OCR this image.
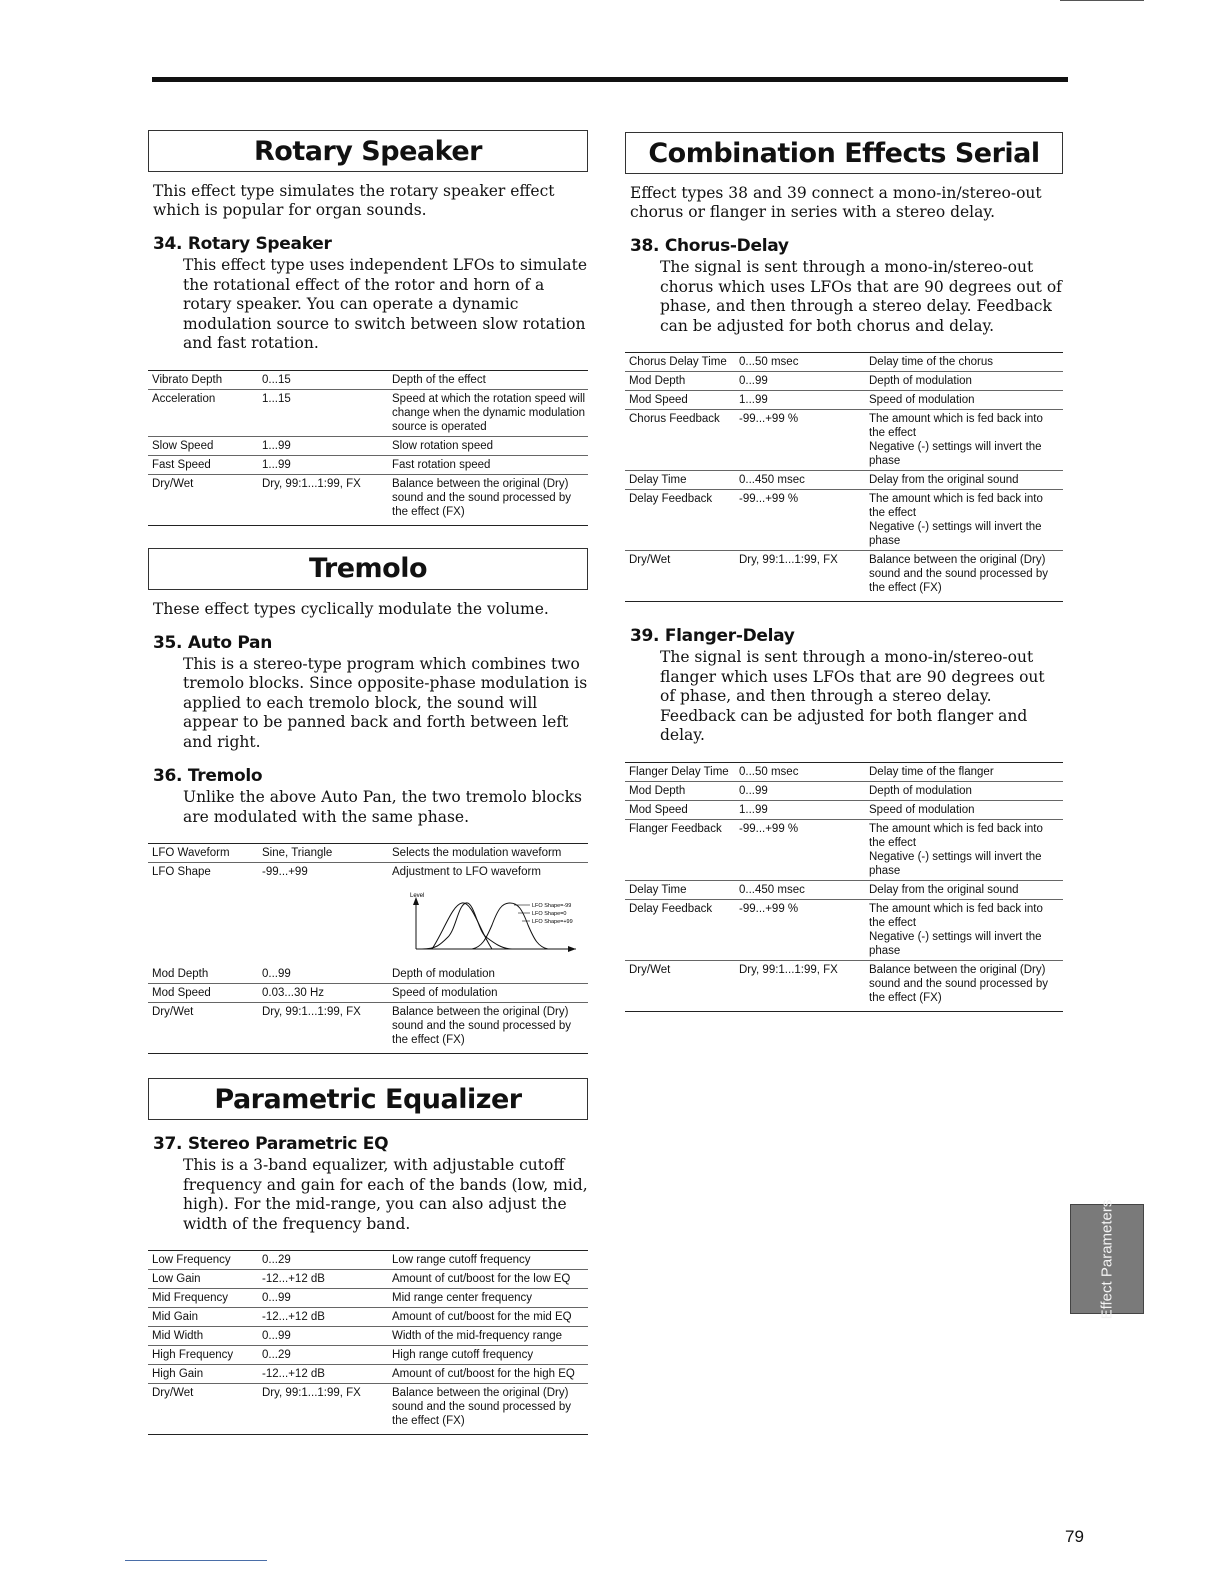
Rotary Speaker

This effect type simulates the rotary speaker effect which is popular for organ sounds.

34. Rotary Speaker

This effect type uses independent LFOs to simulate the rotational effect of the rotor and horn of a rotary speaker. You can operate a dynamic modulation source to switch between slow rotation and fast rotation.

Vibrato Depth	0...15	Depth of the effect
Acceleration	1...15	Speed at which the rotation speed will change when the dynamic modulation source is operated
Slow Speed	1...99	Slow rotation speed
Fast Speed	1...99	Fast rotation speed
Dry/Wet	Dry, 99:1...1:99, FX	Balance between the original (Dry) sound and the sound processed by the effect (FX)
Tremolo

These effect types cyclically modulate the volume.

35. Auto Pan

This is a stereo-type program which combines two tremolo blocks. Since opposite-phase modulation is applied to each tremolo block, the sound will appear to be panned back and forth between left and right.

36. Tremolo

Unlike the above Auto Pan, the two tremolo blocks are modulated with the same phase.

LFO Waveform	Sine, Triangle	Selects the modulation waveform
LFO Shape	-99...+99	Adjustment to LFO waveform

Level
LFO Shape=-99
LFO Shape=0
LFO Shape=+99

Mod Depth	0...99	Depth of modulation
Mod Speed	0.03...30 Hz	Speed of modulation
Dry/Wet	Dry, 99:1...1:99, FX	Balance between the original (Dry) sound and the sound processed by the effect (FX)
Parametric Equalizer
37. Stereo Parametric EQ

This is a 3-band equalizer, with adjustable cutoff frequency and gain for each of the bands (low, mid, high). For the mid-range, you can also adjust the width of the frequency band.

Low Frequency	0...29	Low range cutoff frequency
Low Gain	-12...+12 dB	Amount of cut/boost for the low EQ
Mid Frequency	0...99	Mid range center frequency
Mid Gain	-12...+12 dB	Amount of cut/boost for the mid EQ
Mid Width	0...99	Width of the mid-frequency range
High Frequency	0...29	High range cutoff frequency
High Gain	-12...+12 dB	Amount of cut/boost for the high EQ
Dry/Wet	Dry, 99:1...1:99, FX	Balance between the original (Dry) sound and the sound processed by the effect (FX)
Combination Effects Serial

Effect types 38 and 39 connect a mono-in/stereo-out chorus or flanger in series with a stereo delay.

38. Chorus-Delay

The signal is sent through a mono-in/stereo-out chorus which uses LFOs that are 90 degrees out of phase, and then through a stereo delay. Feedback can be adjusted for both chorus and delay.

Chorus Delay Time	0...50 msec	Delay time of the chorus
Mod Depth	0...99	Depth of modulation
Mod Speed	1...99	Speed of modulation
Chorus Feedback	-99...+99 %	The amount which is fed back into the effect
Negative (-) settings will invert the phase

Delay Time	0...450 msec	Delay from the original sound
Delay Feedback	-99...+99 %	The amount which is fed back into the effect
Negative (-) settings will invert the phase

Dry/Wet	Dry, 99:1...1:99, FX	Balance between the original (Dry) sound and the sound processed by the effect (FX)
39. Flanger-Delay

The signal is sent through a mono-in/stereo-out flanger which uses LFOs that are 90 degrees out of phase, and then through a stereo delay. Feedback can be adjusted for both flanger and delay.

Flanger Delay Time	0...50 msec	Delay time of the flanger
Mod Depth	0...99	Depth of modulation
Mod Speed	1...99	Speed of modulation
Flanger Feedback	-99...+99 %	The amount which is fed back into the effect
Negative (-) settings will invert the phase

Delay Time	0...450 msec	Delay from the original sound
Delay Feedback	-99...+99 %	The amount which is fed back into the effect
Negative (-) settings will invert the phase

Dry/Wet	Dry, 99:1...1:99, FX	Balance between the original (Dry) sound and the sound processed by the effect (FX)
Effect Parameters
79
